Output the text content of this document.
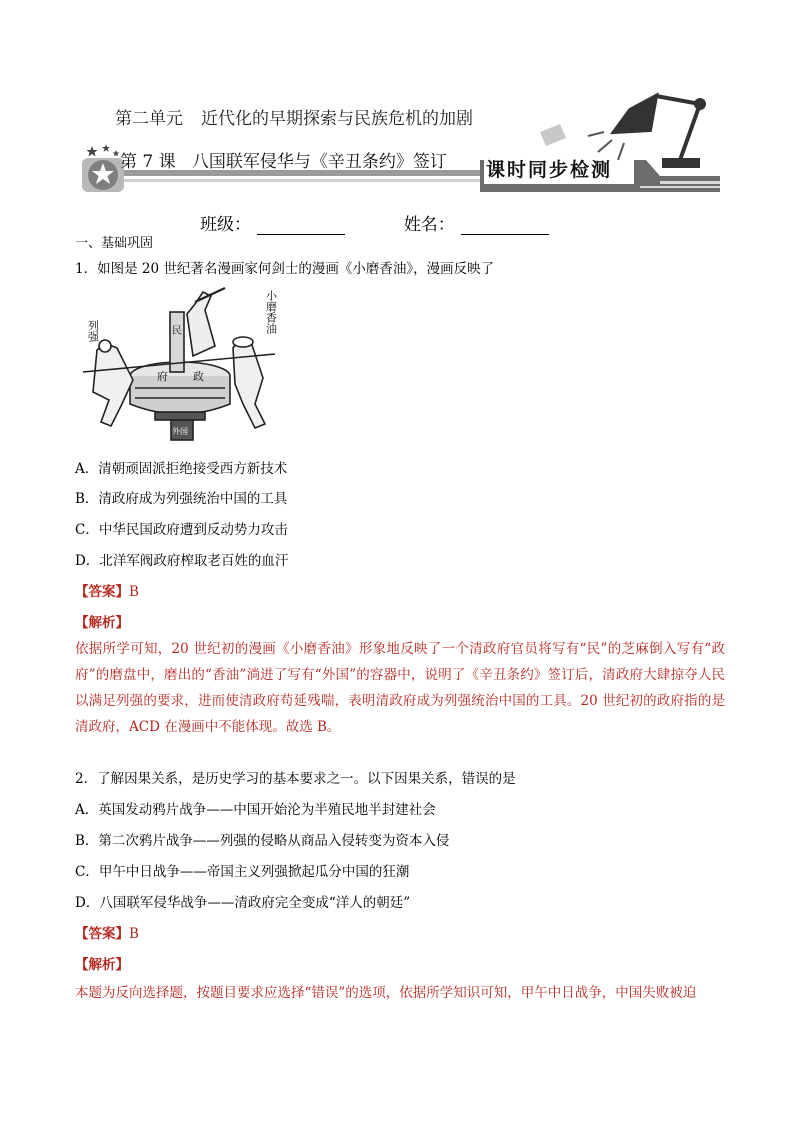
第二单元 近代化的早期探索与民族危机的加剧
第 7 课 八国联军侵华与《辛丑条约》签订 课时同步检测
班级：	姓名：
一、基础巩固
1．如图是 20 世纪著名漫画家何剑士的漫画《小磨香油》，漫画反映了
小磨香油
列强	民
府 政
外国
A．清朝顽固派拒绝接受西方新技术
B．清政府成为列强统治中国的工具
C．中华民国政府遭到反动势力攻击
D．北洋军阀政府榨取老百姓的血汗
【答案】B
【解析】
依据所学可知，20 世纪初的漫画《小磨香油》形象地反映了一个清政府官员将写有“民”的芝麻倒入写有“政府”的磨盘中，磨出的“香油”淌进了写有“外国”的容器中，说明了《辛丑条约》签订后，清政府大肆掠夺人民以满足列强的要求，进而使清政府苟延残喘，表明清政府成为列强统治中国的工具。20 世纪初的政府指的是清政府，ACD 在漫画中不能体现。故选 B。
2．了解因果关系，是历史学习的基本要求之一。以下因果关系，错误的是
A．英国发动鸦片战争——中国开始沦为半殖民地半封建社会
B．第二次鸦片战争——列强的侵略从商品入侵转变为资本入侵
C．甲午中日战争——帝国主义列强掀起瓜分中国的狂潮
D．八国联军侵华战争——清政府完全变成“洋人的朝廷”
【答案】B
【解析】
本题为反向选择题，按题目要求应选择“错误”的选项，依据所学知识可知，甲午中日战争，中国失败被迫
